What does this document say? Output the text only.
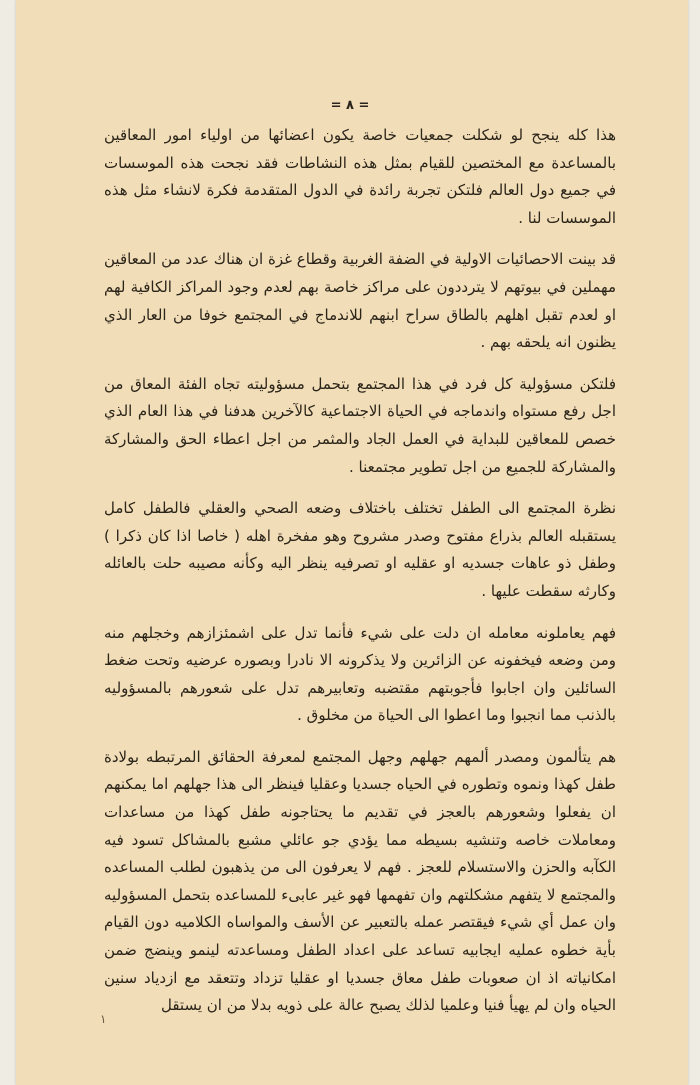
= ٨ =

هذا كله ينجح لو شكلت جمعيات خاصة يكون اعضائها من اولياء امور المعاقين بالمساعدة مع المختصين للقيام بمثل هذه النشاطات فقد نجحت هذه الموسسات في جميع دول العالم فلتكن تجربة رائدة في الدول المتقدمة فكرة لانشاء مثل هذه الموسسات لنا .

قد بينت الاحصائيات الاولية في الضفة الغربية وقطاع غزة ان هناك عدد من المعاقين مهملين في بيوتهم لا يترددون على مراكز خاصة بهم لعدم وجود المراكز الكافية لهم او لعدم تقبل اهلهم بالطاق سراح ابنهم للاندماج في المجتمع خوفا من العار الذي يظنون انه يلحقه بهم .

فلتكن مسؤولية كل فرد في هذا المجتمع بتحمل مسؤوليته تجاه الفئة المعاق من اجل رفع مستواه واندماجه في الحياة الاجتماعية كالآخرين هدفنا في هذا العام الذي خصص للمعاقين للبداية في العمل الجاد والمثمر من اجل اعطاء الحق والمشاركة والمشاركة للجميع من اجل تطوير مجتمعنا .

نظرة المجتمع الى الطفل تختلف باختلاف وضعه الصحي والعقلي فالطفل كامل يستقبله العالم بذراع مفتوح وصدر مشروح وهو مفخرة اهله ( خاصا اذا كان ذكرا ) وطفل ذو عاهات جسديه او عقليه او تصرفيه ينظر اليه وكأنه مصيبه حلت بالعائله وكارثه سقطت عليها .

فهم يعاملونه معامله ان دلت على شيء فأنما تدل على اشمئزازهم وخجلهم منه ومن وضعه فيخفونه عن الزائرين ولا يذكرونه الا نادرا وبصوره عرضيه وتحت ضغط السائلين وان اجابوا فأجوبتهم مقتضبه وتعابيرهم تدل على شعورهم بالمسؤوليه بالذنب مما انجبوا وما اعطوا الى الحياة من مخلوق .

هم يتألمون ومصدر ألمهم جهلهم وجهل المجتمع لمعرفة الحقائق المرتبطه بولادة طفل كهذا ونموه وتطوره في الحياه جسديا وعقليا فينظر الى هذا جهلهم اما يمكنهم ان يفعلوا وشعورهم بالعجز في تقديم ما يحتاجونه طفل كهذا من مساعدات ومعاملات خاصه وتنشيه بسيطه مما يؤدي جو عائلي مشبع بالمشاكل تسود فيه الكآبه والحزن والاستسلام للعجز . فهم لا يعرفون الى من يذهبون لطلب المساعده والمجتمع لا يتفهم مشكلتهم وان تفهمها فهو غير عابىء للمساعده بتحمل المسؤوليه وان عمل أي شيء فيقتصر عمله بالتعبير عن الأسف والمواساه الكلاميه دون القيام بأية خطوه عمليه ايجابيه تساعد على اعداد الطفل ومساعدته لينمو وينضج ضمن امكانياته اذ ان صعوبات طفل معاق جسديا او عقليا تزداد وتتعقد مع ازدياد سنين الحياه وان لم يهيأ فنيا وعلميا لذلك يصبح عالة على ذويه بدلا من ان يستقل

١
